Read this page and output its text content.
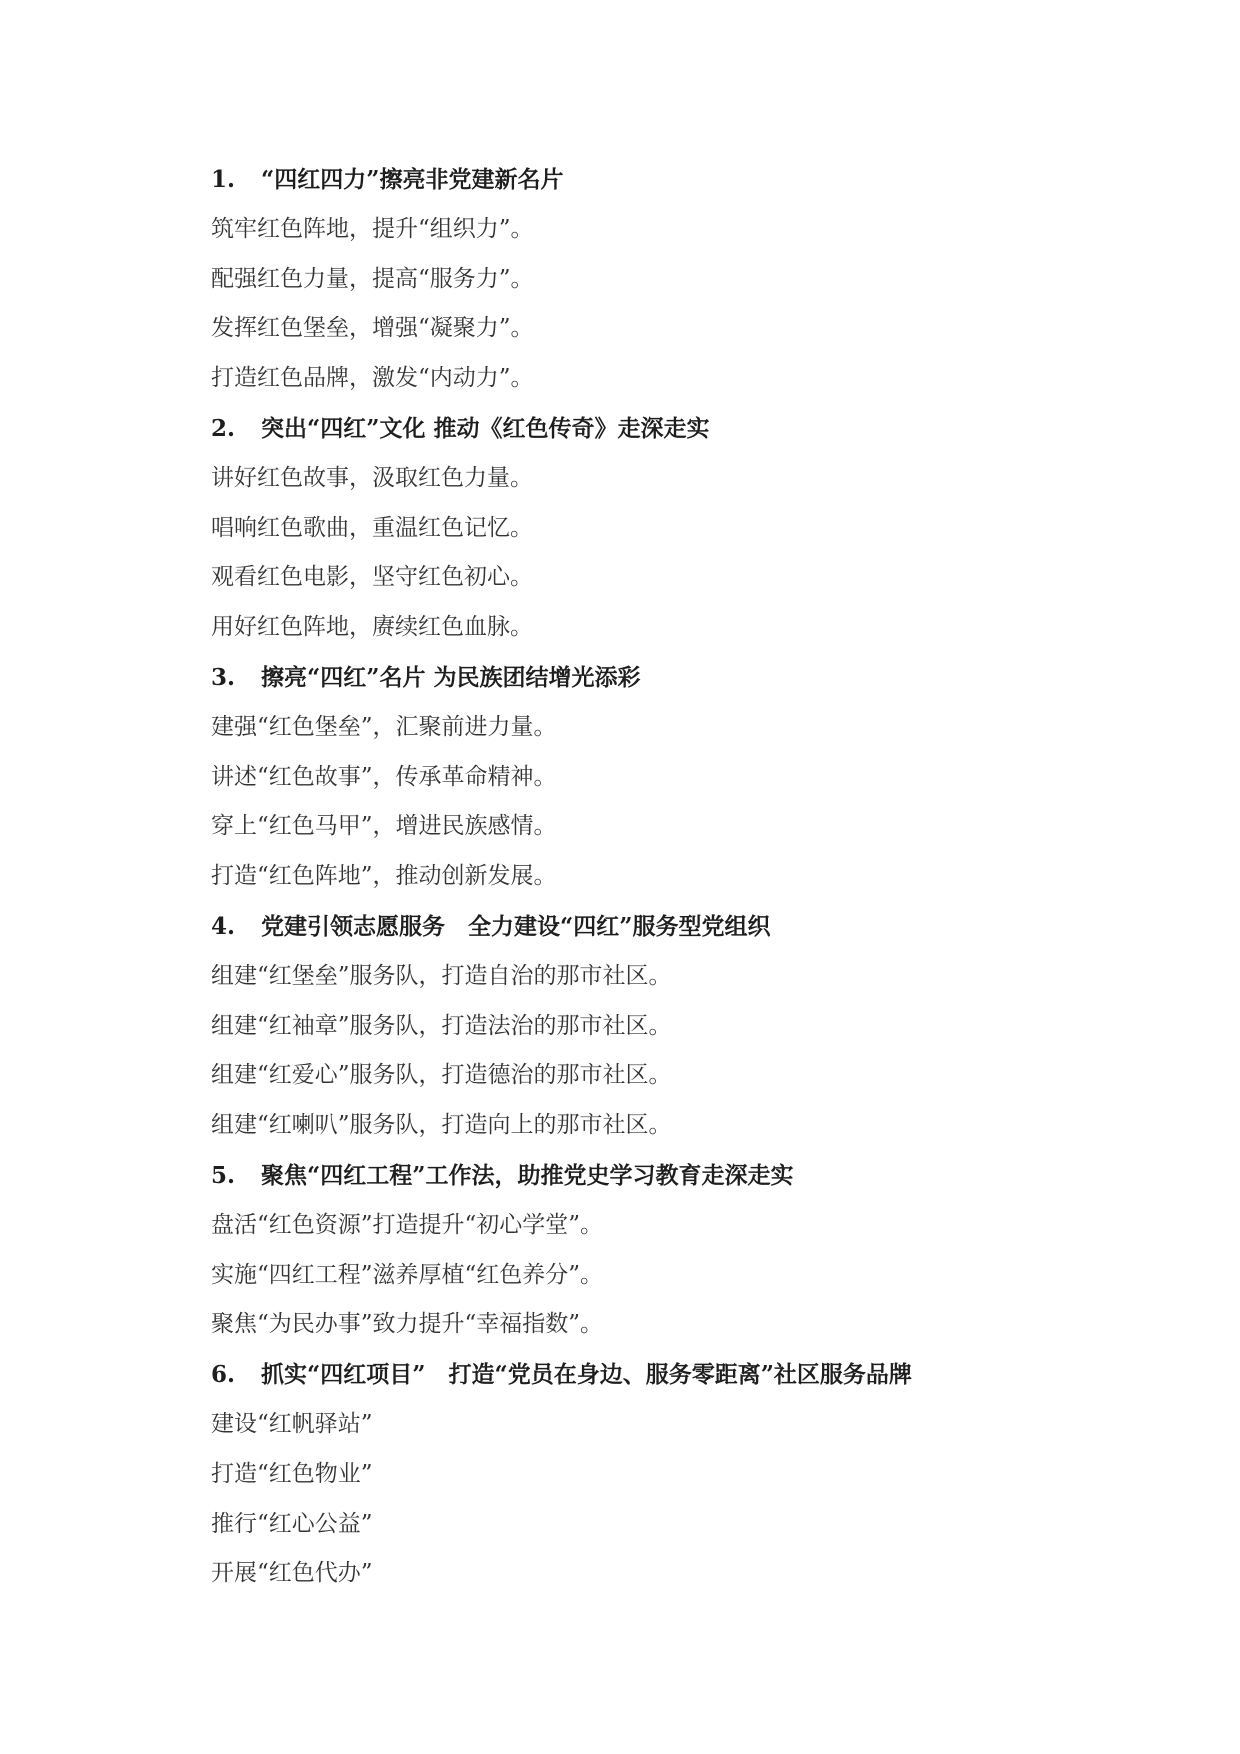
1. “四红四力”擦亮非党建新名片
筑牢红色阵地，提升“组织力”。
配强红色力量，提高“服务力”。
发挥红色堡垒，增强“凝聚力”。
打造红色品牌，激发“内动力”。
2. 突出“四红”文化 推动《红色传奇》走深走实
讲好红色故事，汲取红色力量。
唱响红色歌曲，重温红色记忆。
观看红色电影，坚守红色初心。
用好红色阵地，赓续红色血脉。
3. 擦亮“四红”名片 为民族团结增光添彩
建强“红色堡垒”，汇聚前进力量。
讲述“红色故事”，传承革命精神。
穿上“红色马甲”，增进民族感情。
打造“红色阵地”，推动创新发展。
4. 党建引领志愿服务　全力建设“四红”服务型党组织
组建“红堡垒”服务队，打造自治的那市社区。
组建“红袖章”服务队，打造法治的那市社区。
组建“红爱心”服务队，打造德治的那市社区。
组建“红喇叭”服务队，打造向上的那市社区。
5. 聚焦“四红工程”工作法，助推党史学习教育走深走实
盘活“红色资源”打造提升“初心学堂”。
实施“四红工程”滋养厚植“红色养分”。
聚焦“为民办事”致力提升“幸福指数”。
6. 抓实“四红项目”　打造“党员在身边、服务零距离”社区服务品牌
建设“红帆驿站”
打造“红色物业”
推行“红心公益”
开展“红色代办”
